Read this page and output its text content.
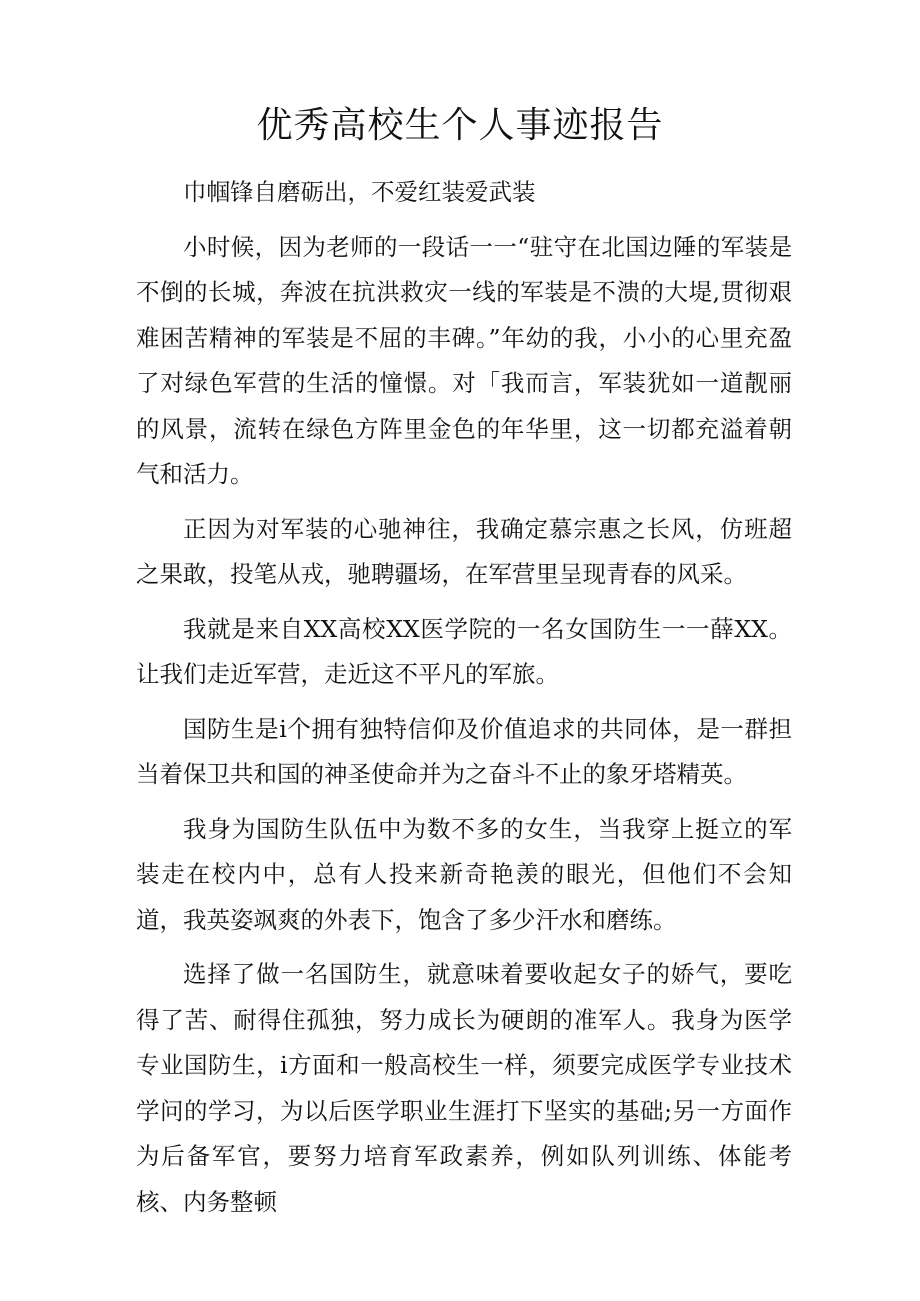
优秀高校生个人事迹报告

巾帼锋自磨砺出，不爱红装爱武装

小时候，因为老师的一段话一一“驻守在北国边陲的军装是不倒的长城，奔波在抗洪救灾一线的军装是不溃的大堤,贯彻艰难困苦精神的军装是不屈的丰碑。”年幼的我，小小的心里充盈了对绿色军营的生活的憧憬。对「我而言，军装犹如一道靓丽的风景，流转在绿色方阵里金色的年华里，这一切都充溢着朝气和活力。

正因为对军装的心驰神往，我确定慕宗惠之长风，仿班超之果敢，投笔从戎，驰聘疆场，在军营里呈现青春的风采。

我就是来自XX高校XX医学院的一名女国防生一一薛XX。让我们走近军营，走近这不平凡的军旅。

国防生是i个拥有独特信仰及价值追求的共同体，是一群担当着保卫共和国的神圣使命并为之奋斗不止的象牙塔精英。

我身为国防生队伍中为数不多的女生，当我穿上挺立的军装走在校内中，总有人投来新奇艳羡的眼光，但他们不会知道，我英姿飒爽的外表下，饱含了多少汗水和磨练。

选择了做一名国防生，就意味着要收起女子的娇气，要吃得了苦、耐得住孤独，努力成长为硬朗的准军人。我身为医学专业国防生，i方面和一般高校生一样，须要完成医学专业技术学问的学习，为以后医学职业生涯打下坚实的基础;另一方面作为后备军官，要努力培育军政素养，例如队列训练、体能考核、内务整顿
